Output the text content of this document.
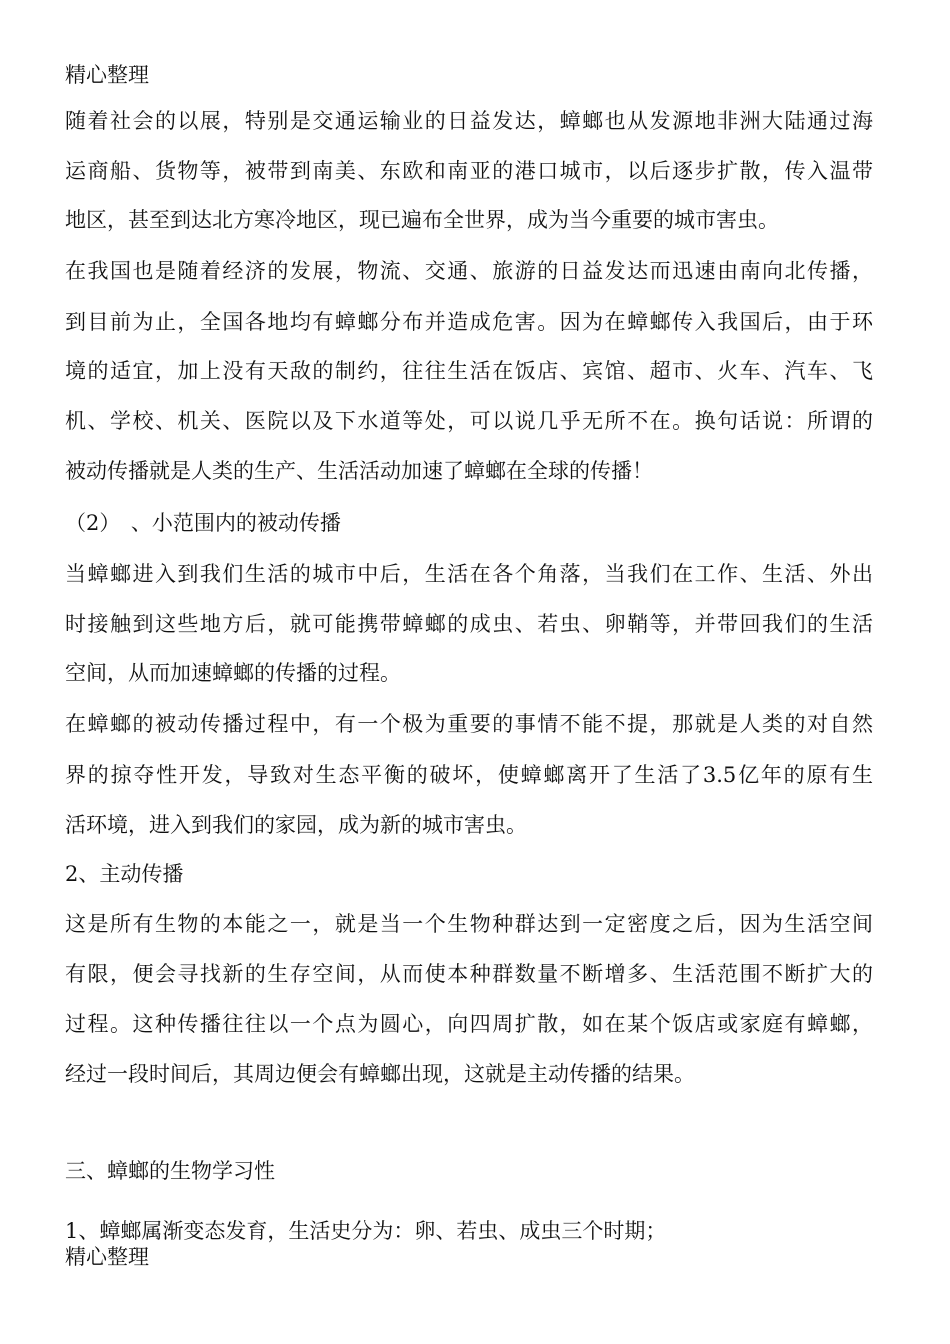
精心整理
随着社会的以展，特别是交通运输业的日益发达，蟑螂也从发源地非洲大陆通过海
运商船、货物等，被带到南美、东欧和南亚的港口城市，以后逐步扩散，传入温带
地区，甚至到达北方寒冷地区，现已遍布全世界，成为当今重要的城市害虫。
在我国也是随着经济的发展，物流、交通、旅游的日益发达而迅速由南向北传播，
到目前为止，全国各地均有蟑螂分布并造成危害。因为在蟑螂传入我国后，由于环
境的适宜，加上没有天敌的制约，往往生活在饭店、宾馆、超市、火车、汽车、飞
机、学校、机关、医院以及下水道等处，可以说几乎无所不在。换句话说：所谓的
被动传播就是人类的生产、生活活动加速了蟑螂在全球的传播！
（2）　、小范围内的被动传播
当蟑螂进入到我们生活的城市中后，生活在各个角落，当我们在工作、生活、外出
时接触到这些地方后，就可能携带蟑螂的成虫、若虫、卵鞘等，并带回我们的生活
空间，从而加速蟑螂的传播的过程。
在蟑螂的被动传播过程中，有一个极为重要的事情不能不提，那就是人类的对自然
界的掠夺性开发，导致对生态平衡的破坏，使蟑螂离开了生活了3.5亿年的原有生
活环境，进入到我们的家园，成为新的城市害虫。
2、主动传播
这是所有生物的本能之一，就是当一个生物种群达到一定密度之后，因为生活空间
有限，便会寻找新的生存空间，从而使本种群数量不断增多、生活范围不断扩大的
过程。这种传播往往以一个点为圆心，向四周扩散，如在某个饭店或家庭有蟑螂，
经过一段时间后，其周边便会有蟑螂出现，这就是主动传播的结果。
三、蟑螂的生物学习性
1、蟑螂属渐变态发育，生活史分为：卵、若虫、成虫三个时期；
精心整理
